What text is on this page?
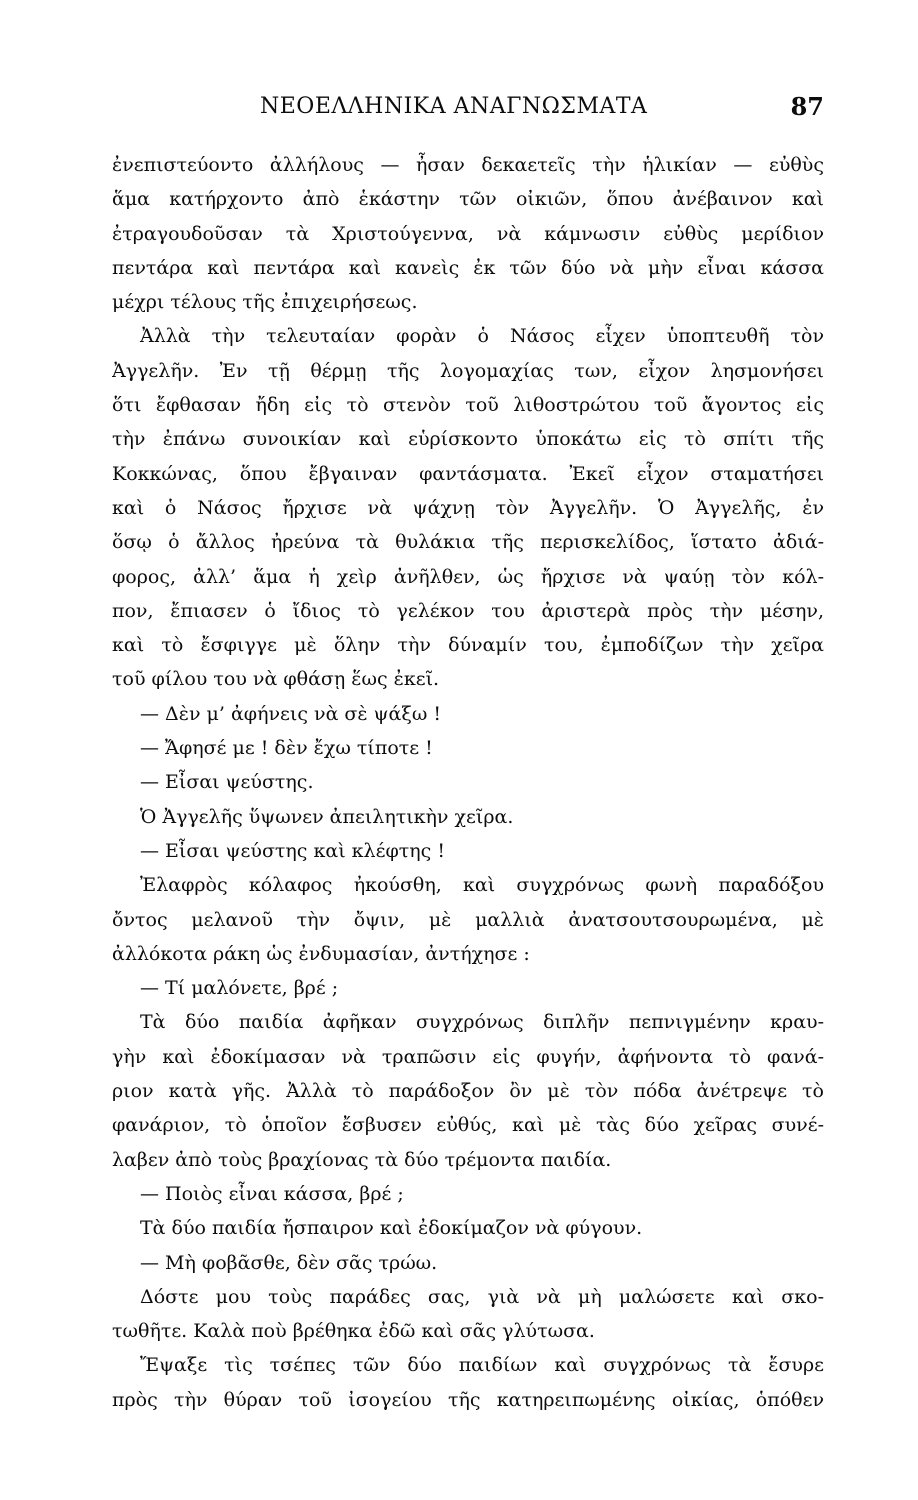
ΝΕΟΕΛΛΗΝΙΚΑ ΑΝΑΓΝΩΣΜΑΤΑ	87
ἐνεπιστεύοντο ἀλλήλους — ἦσαν δεκαετεῖς τὴν ἡλικίαν — εὐθὺς
ἅμα κατήρχοντο ἀπὸ ἑκάστην τῶν οἰκιῶν, ὅπου ἀνέβαινον καὶ
ἐτραγουδοῦσαν τὰ Χριστούγεννα, νὰ κάμνωσιν εὐθὺς μερίδιον
πεντάρα καὶ πεντάρα καὶ κανεὶς ἐκ τῶν δύο νὰ μὴν εἶναι κάσσα
μέχρι τέλους τῆς ἐπιχειρήσεως.
Ἀλλὰ τὴν τελευταίαν φορὰν ὁ Νάσος εἶχεν ὑποπτευθῆ τὸν
Ἀγγελῆν. Ἐν τῇ θέρμῃ τῆς λογομαχίας των, εἶχον λησμονήσει
ὅτι ἔφθασαν ἤδη εἰς τὸ στενὸν τοῦ λιθοστρώτου τοῦ ἄγοντος εἰς
τὴν ἐπάνω συνοικίαν καὶ εὑρίσκοντο ὑποκάτω εἰς τὸ σπίτι τῆς
Κοκκώνας, ὅπου ἔβγαιναν φαντάσματα. Ἐκεῖ εἶχον σταματήσει
καὶ ὁ Νάσος ἤρχισε νὰ ψάχνῃ τὸν Ἀγγελῆν. Ὁ Ἀγγελῆς, ἐν
ὅσῳ ὁ ἄλλος ἠρεύνα τὰ θυλάκια τῆς περισκελίδος, ἵστατο ἀδιά-
φορος, ἀλλ’ ἅμα ἡ χεὶρ ἀνῆλθεν, ὡς ἤρχισε νὰ ψαύῃ τὸν κόλ-
πον, ἔπιασεν ὁ ἴδιος τὸ γελέκον του ἀριστερὰ πρὸς τὴν μέσην,
καὶ τὸ ἔσφιγγε μὲ ὅλην τὴν δύναμίν του, ἐμποδίζων τὴν χεῖρα
τοῦ φίλου του νὰ φθάσῃ ἕως ἐκεῖ.
— Δὲν μ’ ἀφήνεις νὰ σὲ ψάξω !
— Ἄφησέ με ! δὲν ἔχω τίποτε !
— Εἶσαι ψεύστης.
Ὁ Ἀγγελῆς ὕψωνεν ἀπειλητικὴν χεῖρα.
— Εἶσαι ψεύστης καὶ κλέφτης !
Ἐλαφρὸς κόλαφος ἠκούσθη, καὶ συγχρόνως φωνὴ παραδόξου
ὄντος μελανοῦ τὴν ὄψιν, μὲ μαλλιὰ ἀνατσουτσουρωμένα, μὲ
ἀλλόκοτα ράκη ὡς ἐνδυμασίαν, ἀντήχησε :
— Τί μαλόνετε, βρέ ;
Τὰ δύο παιδία ἀφῆκαν συγχρόνως διπλῆν πεπνιγμένην κραυ-
γὴν καὶ ἐδοκίμασαν νὰ τραπῶσιν εἰς φυγήν, ἀφήνοντα τὸ φανά-
ριον κατὰ γῆς. Ἀλλὰ τὸ παράδοξον ὂν μὲ τὸν πόδα ἀνέτρεψε τὸ
φανάριον, τὸ ὁποῖον ἔσβυσεν εὐθύς, καὶ μὲ τὰς δύο χεῖρας συνέ-
λαβεν ἀπὸ τοὺς βραχίονας τὰ δύο τρέμοντα παιδία.
— Ποιὸς εἶναι κάσσα, βρέ ;
Τὰ δύο παιδία ἤσπαιρον καὶ ἐδοκίμαζον νὰ φύγουν.
— Μὴ φοβᾶσθε, δὲν σᾶς τρώω.
Δόστε μου τοὺς παράδες σας, γιὰ νὰ μὴ μαλώσετε καὶ σκο-
τωθῆτε. Καλὰ ποὺ βρέθηκα ἐδῶ καὶ σᾶς γλύτωσα.
Ἔψαξε τὶς τσέπες τῶν δύο παιδίων καὶ συγχρόνως τὰ ἔσυρε
πρὸς τὴν θύραν τοῦ ἰσογείου τῆς κατηρειπωμένης οἰκίας, ὁπόθεν
